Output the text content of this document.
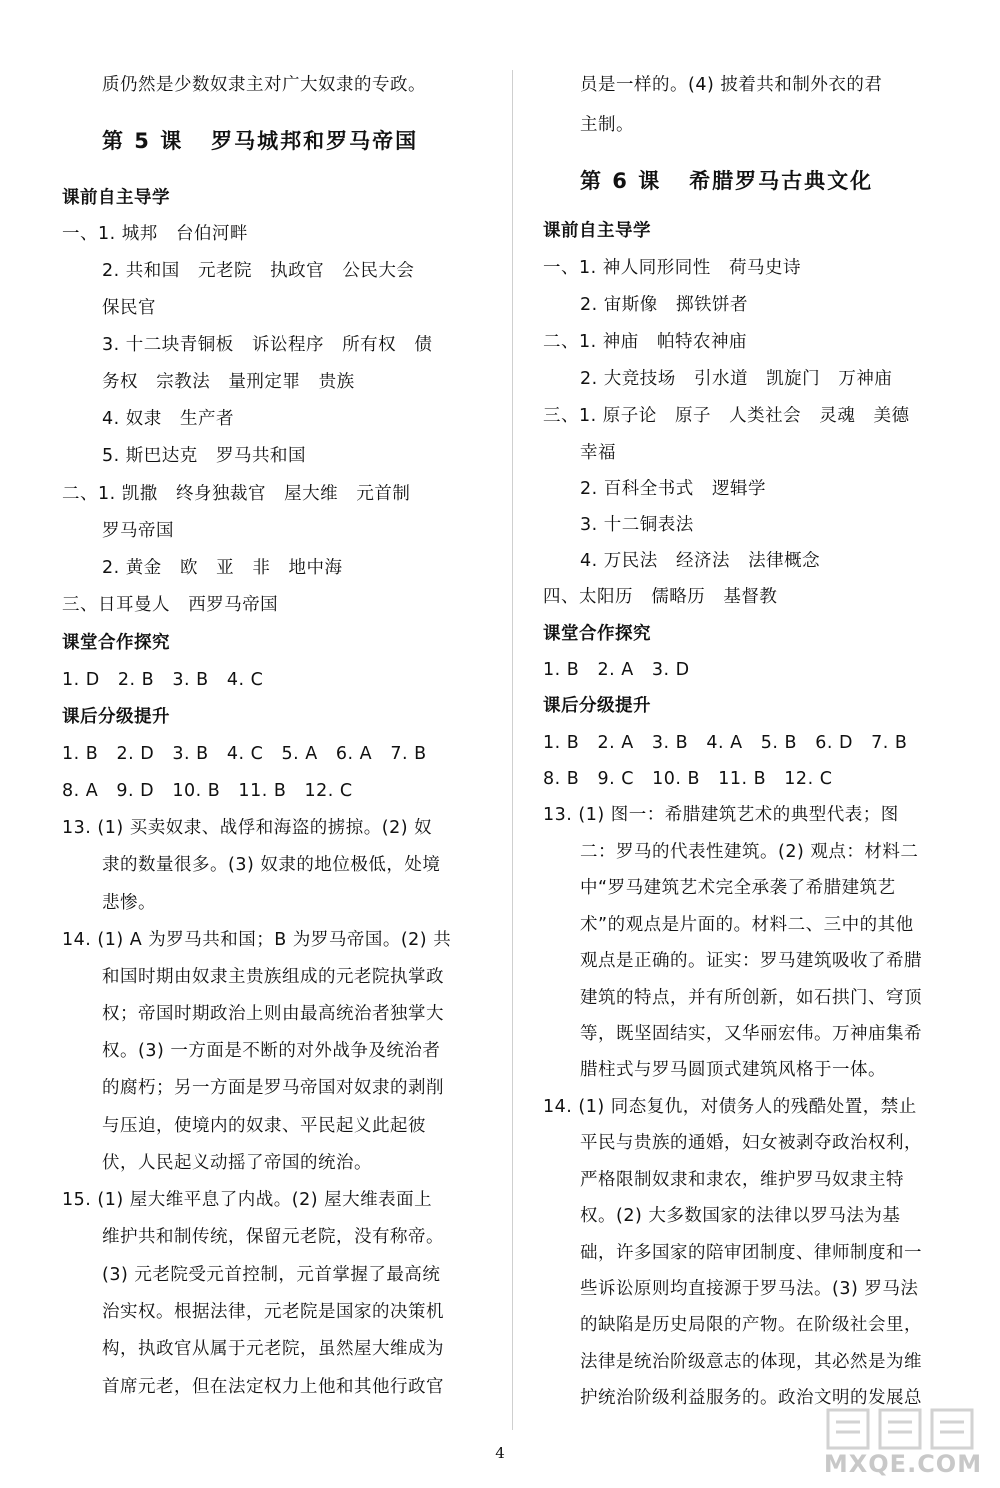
质仍然是少数奴隶主对广大奴隶的专政。
第 5 课   罗马城邦和罗马帝国
课前自主导学
一、1. 城邦   台伯河畔
2. 共和国   元老院   执政官   公民大会
保民官
3. 十二块青铜板   诉讼程序   所有权   债
务权   宗教法   量刑定罪   贵族
4. 奴隶   生产者
5. 斯巴达克   罗马共和国
二、1. 凯撒   终身独裁官   屋大维   元首制
罗马帝国
2. 黄金   欧   亚   非   地中海
三、日耳曼人   西罗马帝国
课堂合作探究
1. D   2. B   3. B   4. C
课后分级提升
1. B   2. D   3. B   4. C   5. A   6. A   7. B
8. A   9. D   10. B   11. B   12. C
13. (1) 买卖奴隶、战俘和海盗的掳掠。(2) 奴
隶的数量很多。(3) 奴隶的地位极低，处境
悲惨。
14. (1) A 为罗马共和国；B 为罗马帝国。(2) 共
和国时期由奴隶主贵族组成的元老院执掌政
权；帝国时期政治上则由最高统治者独掌大
权。(3) 一方面是不断的对外战争及统治者
的腐朽；另一方面是罗马帝国对奴隶的剥削
与压迫，使境内的奴隶、平民起义此起彼
伏，人民起义动摇了帝国的统治。
15. (1) 屋大维平息了内战。(2) 屋大维表面上
维护共和制传统，保留元老院，没有称帝。
(3) 元老院受元首控制，元首掌握了最高统
治实权。根据法律，元老院是国家的决策机
构，执政官从属于元老院，虽然屋大维成为
首席元老，但在法定权力上他和其他行政官
员是一样的。(4) 披着共和制外衣的君
主制。
第 6 课   希腊罗马古典文化
课前自主导学
一、1. 神人同形同性   荷马史诗
2. 宙斯像   掷铁饼者
二、1. 神庙   帕特农神庙
2. 大竞技场   引水道   凯旋门   万神庙
三、1. 原子论   原子   人类社会   灵魂   美德
幸福
2. 百科全书式   逻辑学
3. 十二铜表法
4. 万民法   经济法   法律概念
四、太阳历   儒略历   基督教
课堂合作探究
1. B   2. A   3. D
课后分级提升
1. B   2. A   3. B   4. A   5. B   6. D   7. B
8. B   9. C   10. B   11. B   12. C
13. (1) 图一：希腊建筑艺术的典型代表；图
二：罗马的代表性建筑。(2) 观点：材料二
中“罗马建筑艺术完全承袭了希腊建筑艺
术”的观点是片面的。材料二、三中的其他
观点是正确的。证实：罗马建筑吸收了希腊
建筑的特点，并有所创新，如石拱门、穹顶
等，既坚固结实，又华丽宏伟。万神庙集希
腊柱式与罗马圆顶式建筑风格于一体。
14. (1) 同态复仇，对债务人的残酷处置，禁止
平民与贵族的通婚，妇女被剥夺政治权利，
严格限制奴隶和隶农，维护罗马奴隶主特
权。(2) 大多数国家的法律以罗马法为基
础，许多国家的陪审团制度、律师制度和一
些诉讼原则均直接源于罗马法。(3) 罗马法
的缺陷是历史局限的产物。在阶级社会里，
法律是统治阶级意志的体现，其必然是为维
护统治阶级利益服务的。政治文明的发展总
4	MXQE.COM
